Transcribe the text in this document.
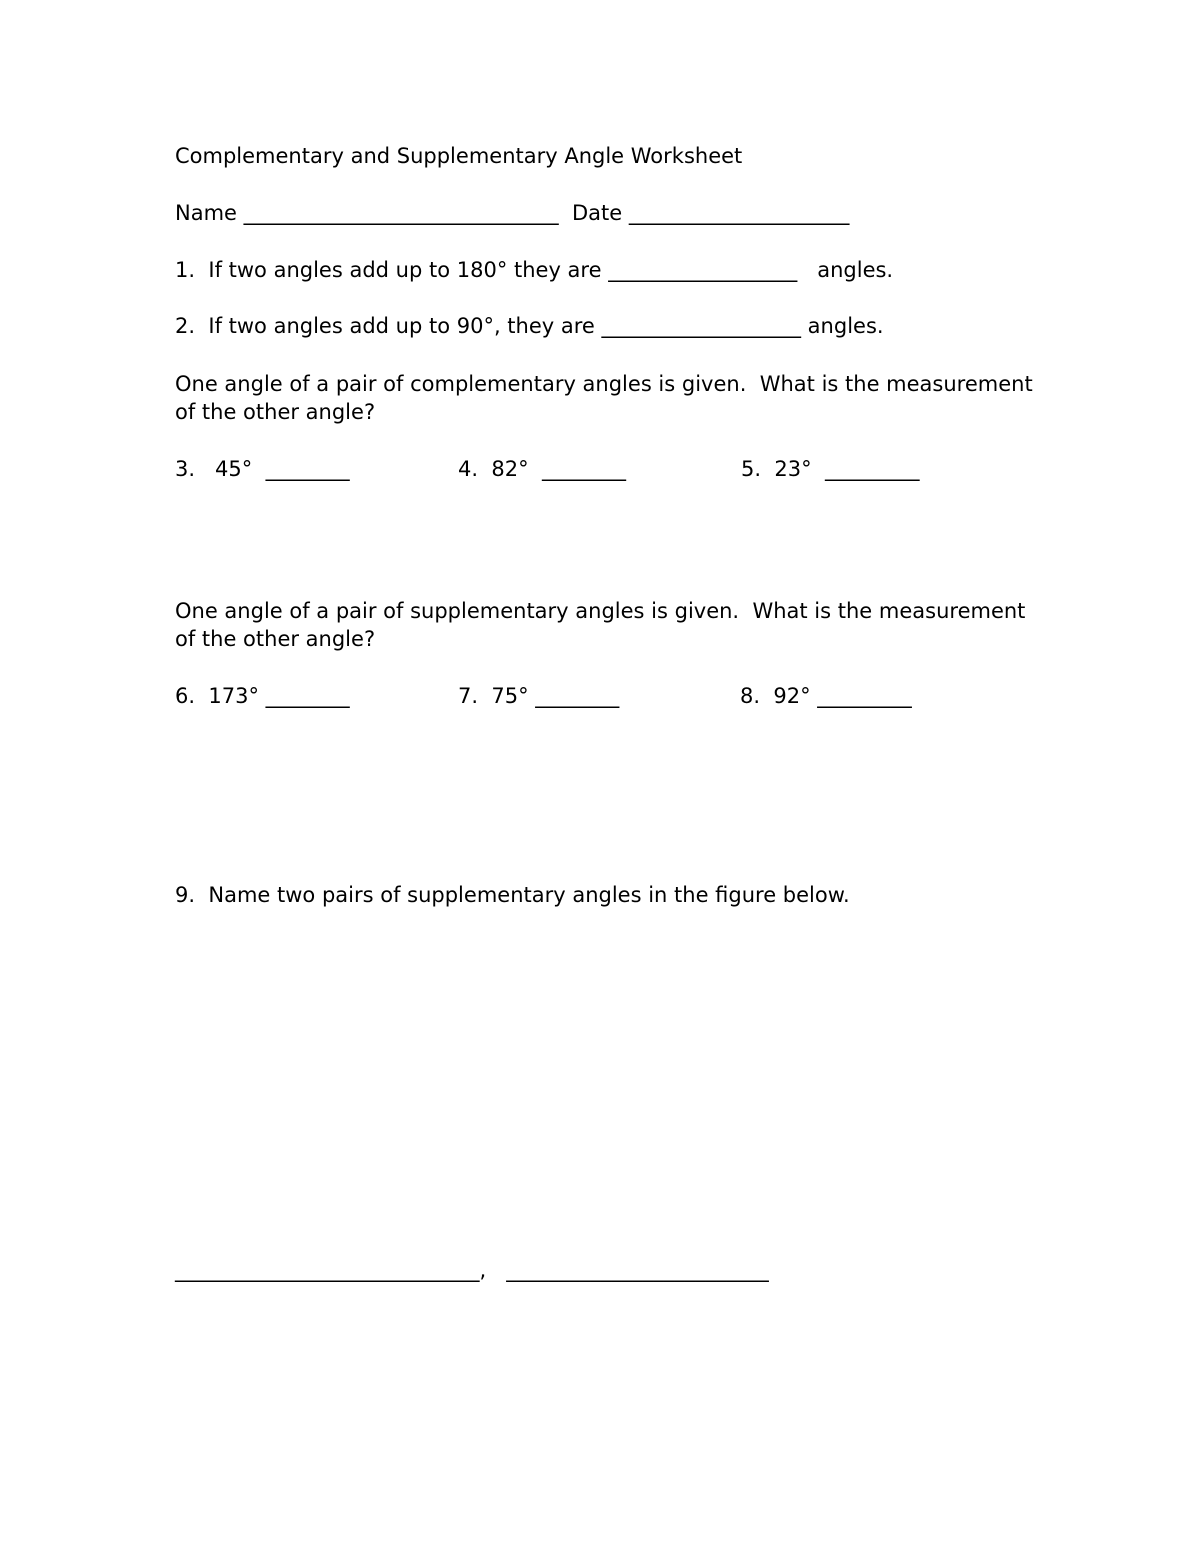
Complementary and Supplementary Angle Worksheet
Name ______________________________  Date _____________________
1.  If two angles add up to 180° they are __________________   angles.
2.  If two angles add up to 90°, they are ___________________ angles.
One angle of a pair of complementary angles is given.  What is the measurement
of the other angle?
3.   45°  ________	4.  82°  ________	5.  23°  _________
One angle of a pair of supplementary angles is given.  What is the measurement
of the other angle?
6.  173° ________	7.  75° ________	8.  92° _________
9.  Name two pairs of supplementary angles in the figure below.
_____________________________,   _________________________
